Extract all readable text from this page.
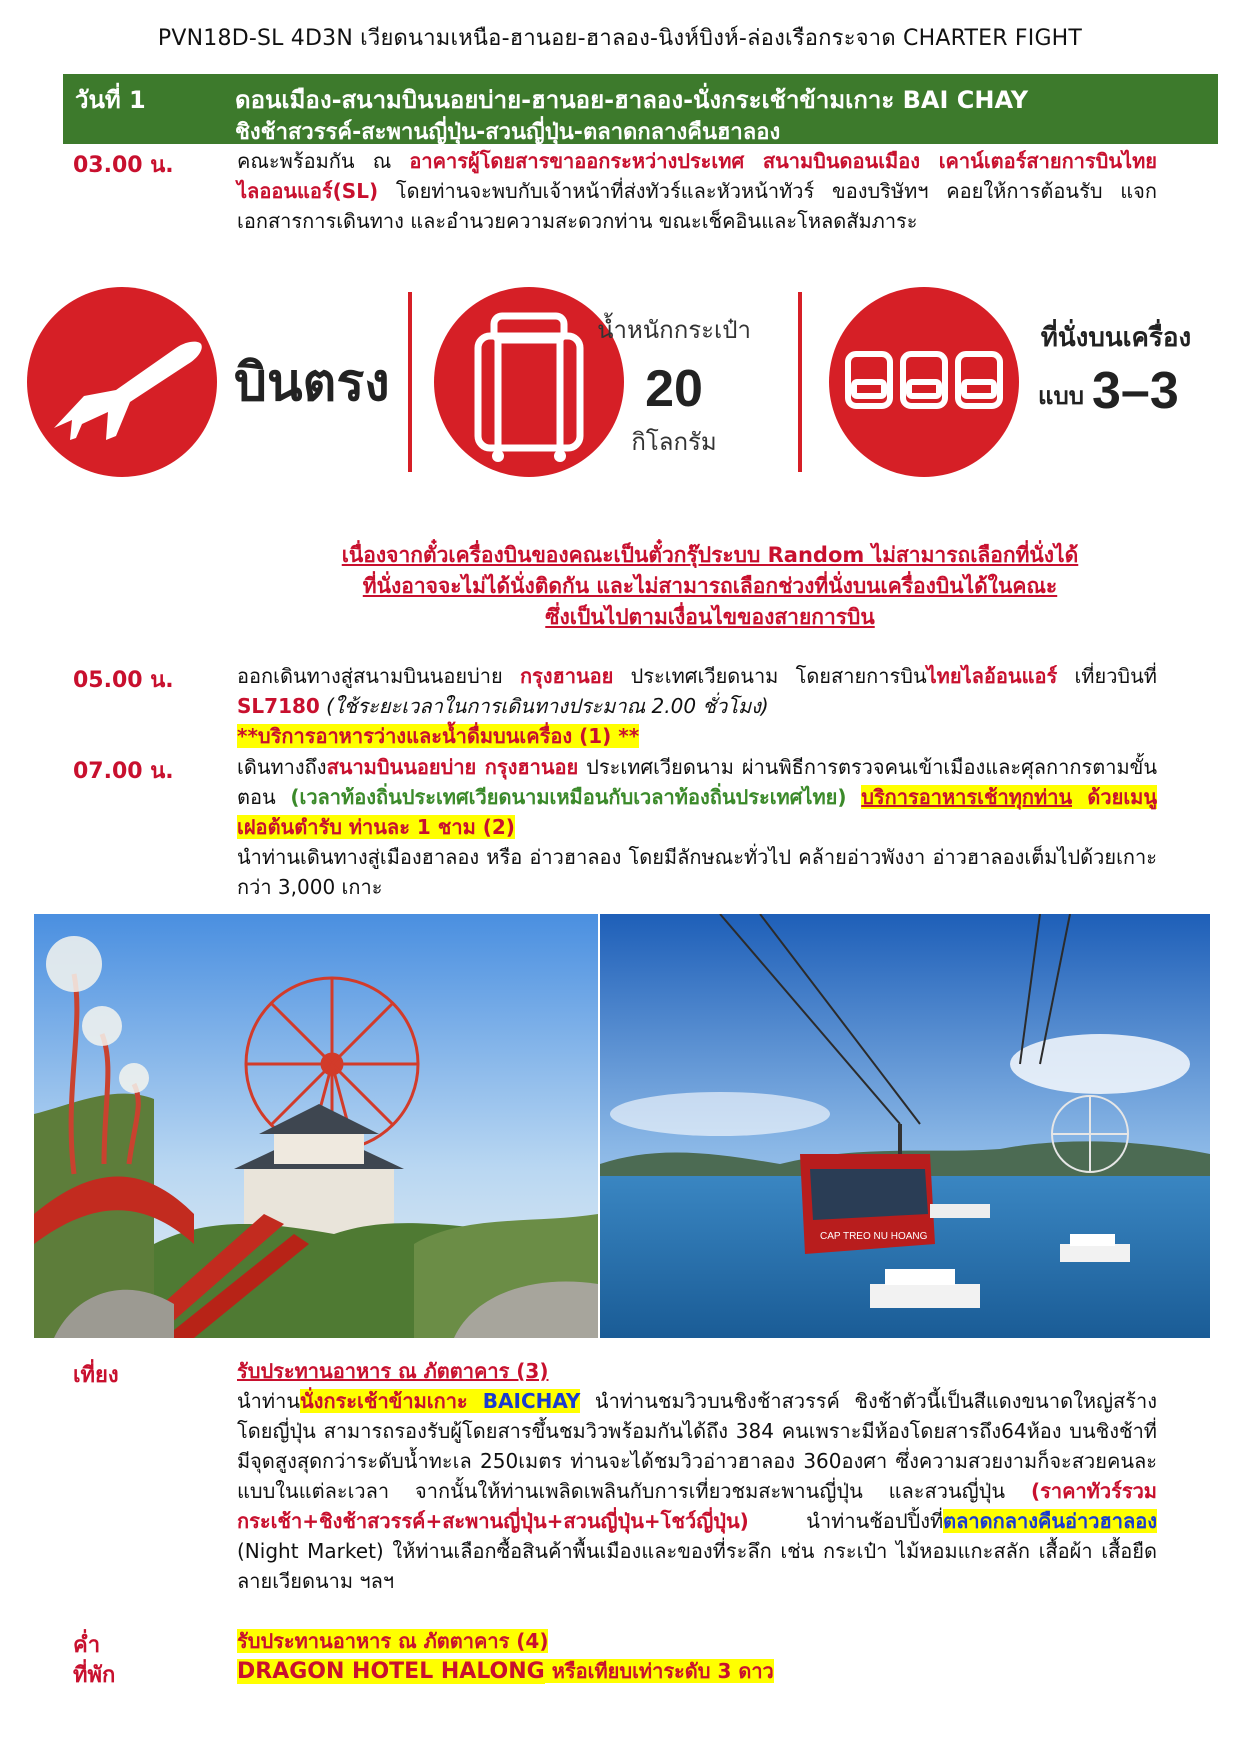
PVN18D-SL 4D3N เวียดนามเหนือ-ฮานอย-ฮาลอง-นิงห์บิงห์-ล่องเรือกระจาด CHARTER FIGHT
วันที่ 1	ดอนเมือง-สนามบินนอยบ่าย-ฮานอย-ฮาลอง-นั่งกระเช้าข้ามเกาะ BAI CHAY
ชิงช้าสวรรค์-สะพานญี่ปุ่น-สวนญี่ปุ่น-ตลาดกลางคืนฮาลอง
03.00 น.	คณะพร้อมกัน ณ อาคารผู้โดยสารขาออกระหว่างประเทศ สนามบินดอนเมือง เคาน์เตอร์สายการบินไทยไลออนแอร์(SL) โดยท่านจะพบกับเจ้าหน้าที่ส่งทัวร์และหัวหน้าทัวร์ ของบริษัทฯ คอยให้การต้อนรับ แจกเอกสารการเดินทาง และอำนวยความสะดวกท่าน ขณะเช็คอินและโหลดสัมภาระ
บินตรง
น้ำหนักกระเป๋า
20
กิโลกรัม
ที่นั่งบนเครื่อง
แบบ 3–3
เนื่องจากตั๋วเครื่องบินของคณะเป็นตั๋วกรุ๊ประบบ Random ไม่สามารถเลือกที่นั่งได้
ที่นั่งอาจจะไม่ได้นั่งติดกัน และไม่สามารถเลือกช่วงที่นั่งบนเครื่องบินได้ในคณะ
ซึ่งเป็นไปตามเงื่อนไขของสายการบิน
05.00 น.	ออกเดินทางสู่สนามบินนอยบ่าย กรุงฮานอย ประเทศเวียดนาม โดยสายการบินไทยไลอ้อนแอร์ เที่ยวบินที่ SL7180 (ใช้ระยะเวลาในการเดินทางประมาณ 2.00 ชั่วโมง)
**บริการอาหารว่างและน้ำดื่มบนเครื่อง (1) **
07.00 น.	เดินทางถึงสนามบินนอยบ่าย กรุงฮานอย ประเทศเวียดนาม ผ่านพิธีการตรวจคนเข้าเมืองและศุลกากรตามขั้นตอน (เวลาท้องถิ่นประเทศเวียดนามเหมือนกับเวลาท้องถิ่นประเทศไทย) บริการอาหารเช้าทุกท่าน ด้วยเมนูเฝอต้นตำรับ ท่านละ 1 ชาม (2)
นำท่านเดินทางสู่เมืองฮาลอง หรือ อ่าวฮาลอง โดยมีลักษณะทั่วไป คล้ายอ่าวพังงา อ่าวฮาลองเต็มไปด้วยเกาะกว่า 3,000 เกาะ
CAP TREO NU HOANG
เที่ยง	รับประทานอาหาร ณ ภัตตาคาร (3)
นำท่านนั่งกระเช้าข้ามเกาะ BAICHAY นำท่านชมวิวบนชิงช้าสวรรค์ ชิงช้าตัวนี้เป็นสีแดงขนาดใหญ่สร้างโดยญี่ปุ่น สามารถรองรับผู้โดยสารขึ้นชมวิวพร้อมกันได้ถึง 384 คนเพราะมีห้องโดยสารถึง64ห้อง บนชิงช้าที่มีจุดสูงสุดกว่าระดับน้ำทะเล 250เมตร ท่านจะได้ชมวิวอ่าวฮาลอง 360องศา ซึ่งความสวยงามก็จะสวยคนละแบบในแต่ละเวลา จากนั้นให้ท่านเพลิดเพลินกับการเที่ยวชมสะพานญี่ปุ่น และสวนญี่ปุ่น (ราคาทัวร์รวมกระเช้า+ชิงช้าสวรรค์+สะพานญี่ปุ่น+สวนญี่ปุ่น+โชว์ญี่ปุ่น) นำท่านช้อปปิ้งที่ตลาดกลางคืนอ่าวฮาลอง (Night Market) ให้ท่านเลือกซื้อสินค้าพื้นเมืองและของที่ระลึก เช่น กระเป๋า ไม้หอมแกะสลัก เสื้อผ้า เสื้อยืดลายเวียดนาม ฯลฯ
ค่ำ	รับประทานอาหาร ณ ภัตตาคาร (4)
ที่พัก	DRAGON HOTEL HALONG หรือเทียบเท่าระดับ 3 ดาว
